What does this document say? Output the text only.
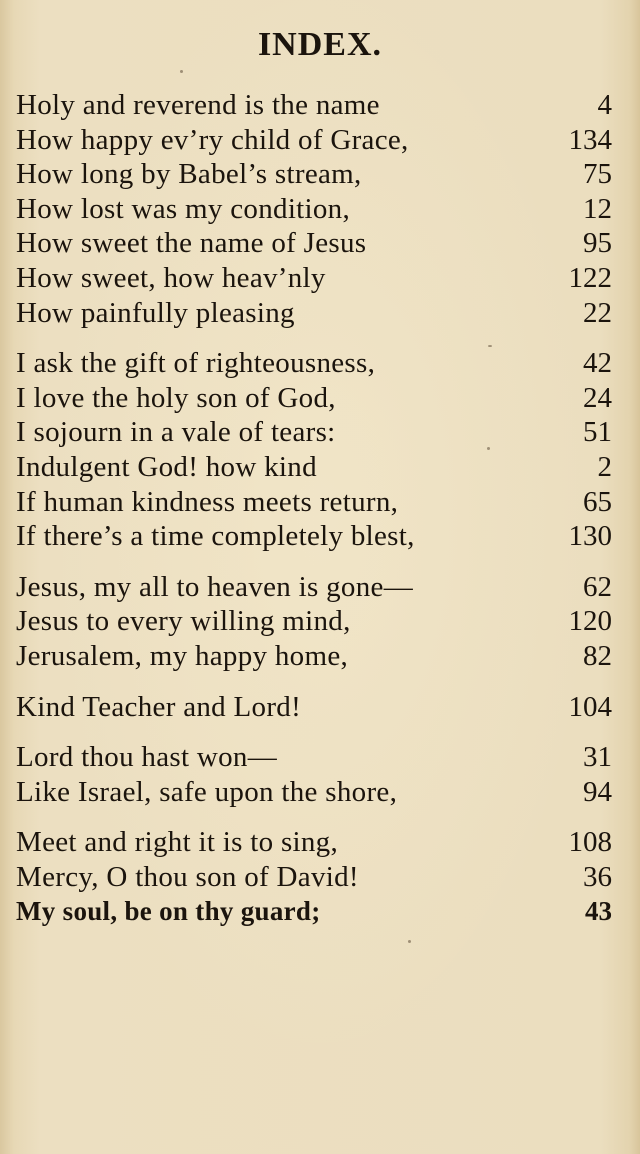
INDEX.
Holy and reverend is the name	4
How happy ev’ry child of Grace,	134
How long by Babel’s stream,	75
How lost was my condition,	12
How sweet the name of Jesus	95
How sweet, how heav’nly	122
How painfully pleasing	22
I ask the gift of righteousness,	42
I love the holy son of God,	24
I sojourn in a vale of tears:	51
Indulgent God! how kind	2
If human kindness meets return,	65
If there’s a time completely blest,	130
Jesus, my all to heaven is gone—	62
Jesus to every willing mind,	120
Jerusalem, my happy home,	82
Kind Teacher and Lord!	104
Lord thou hast won—	31
Like Israel, safe upon the shore,	94
Meet and right it is to sing,	108
Mercy, O thou son of David!	36
My soul, be on thy guard;	43
